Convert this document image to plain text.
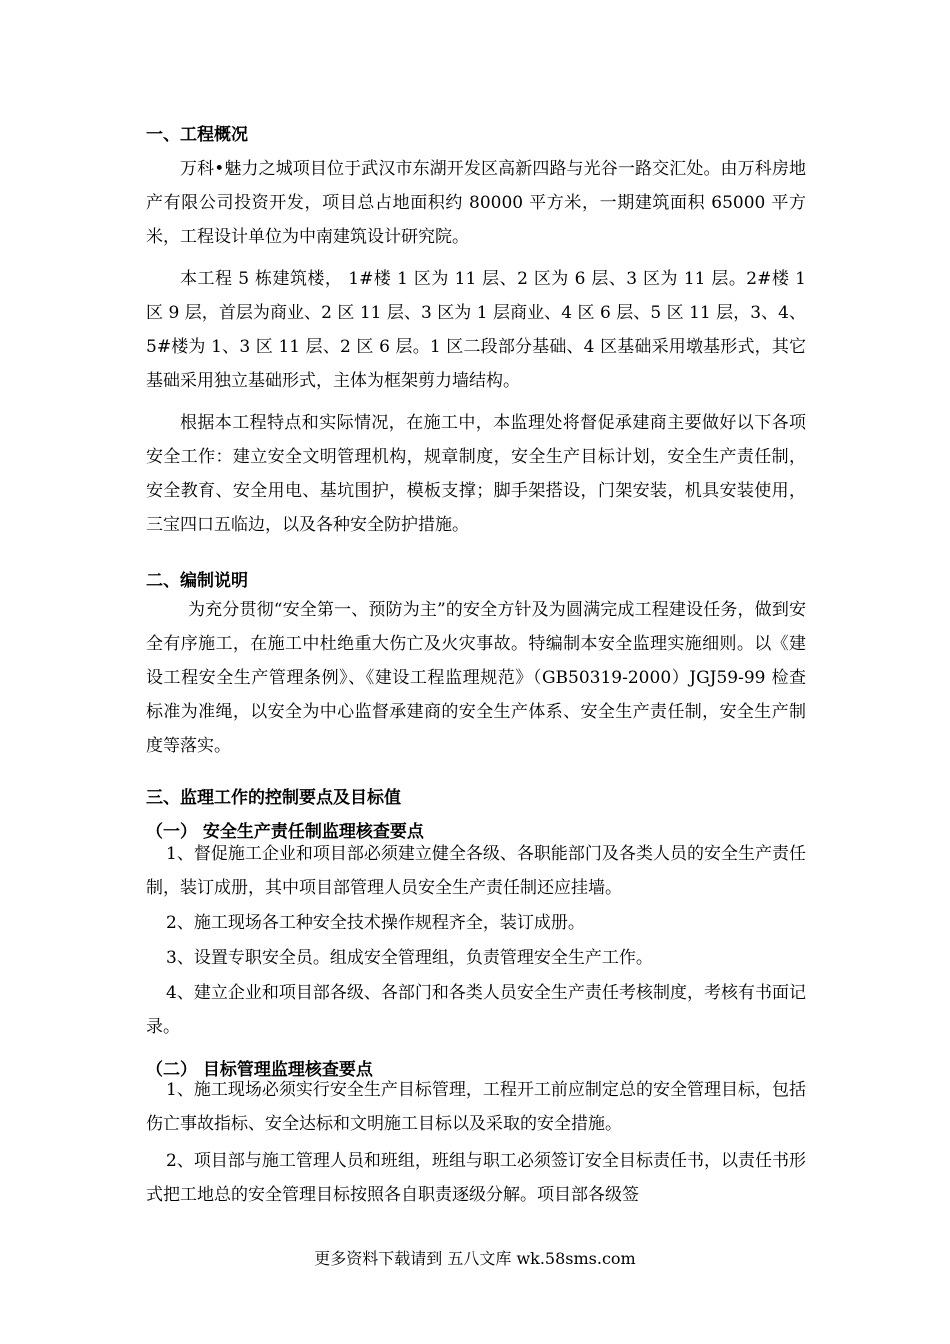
一、工程概况
万科•魅力之城项目位于武汉市东湖开发区高新四路与光谷一路交汇处。由万科房地产有限公司投资开发，项目总占地面积约 80000 平方米，一期建筑面积 65000 平方米，工程设计单位为中南建筑设计研究院。
本工程 5 栋建筑楼， 1#楼 1 区为 11 层、2 区为 6 层、3 区为 11 层。2#楼 1 区 9 层，首层为商业、2 区 11 层、3 区为 1 层商业、4 区 6 层、5 区 11 层，3、4、5#楼为 1、3 区 11 层、2 区 6 层。1 区二段部分基础、4 区基础采用墩基形式，其它基础采用独立基础形式，主体为框架剪力墙结构。
根据本工程特点和实际情况，在施工中，本监理处将督促承建商主要做好以下各项安全工作：建立安全文明管理机构，规章制度，安全生产目标计划，安全生产责任制，安全教育、安全用电、基坑围护，模板支撑；脚手架搭设，门架安装，机具安装使用，三宝四口五临边，以及各种安全防护措施。
二、编制说明
为充分贯彻“安全第一、预防为主”的安全方针及为圆满完成工程建设任务，做到安全有序施工，在施工中杜绝重大伤亡及火灾事故。特编制本安全监理实施细则。以《建设工程安全生产管理条例》、《建设工程监理规范》（GB50319-2000）JGJ59-99 检查标准为准绳，以安全为中心监督承建商的安全生产体系、安全生产责任制，安全生产制度等落实。
三、监理工作的控制要点及目标值
（一） 安全生产责任制监理核查要点
1、督促施工企业和项目部必须建立健全各级、各职能部门及各类人员的安全生产责任制，装订成册，其中项目部管理人员安全生产责任制还应挂墙。
2、施工现场各工种安全技术操作规程齐全，装订成册。
3、设置专职安全员。组成安全管理组，负责管理安全生产工作。
4、建立企业和项目部各级、各部门和各类人员安全生产责任考核制度，考核有书面记录。
（二） 目标管理监理核查要点
1、施工现场必须实行安全生产目标管理，工程开工前应制定总的安全管理目标，包括伤亡事故指标、安全达标和文明施工目标以及采取的安全措施。
2、项目部与施工管理人员和班组，班组与职工必须签订安全目标责任书，以责任书形式把工地总的安全管理目标按照各自职责逐级分解。项目部各级签
更多资料下载请到 五八文库 wk.58sms.com
